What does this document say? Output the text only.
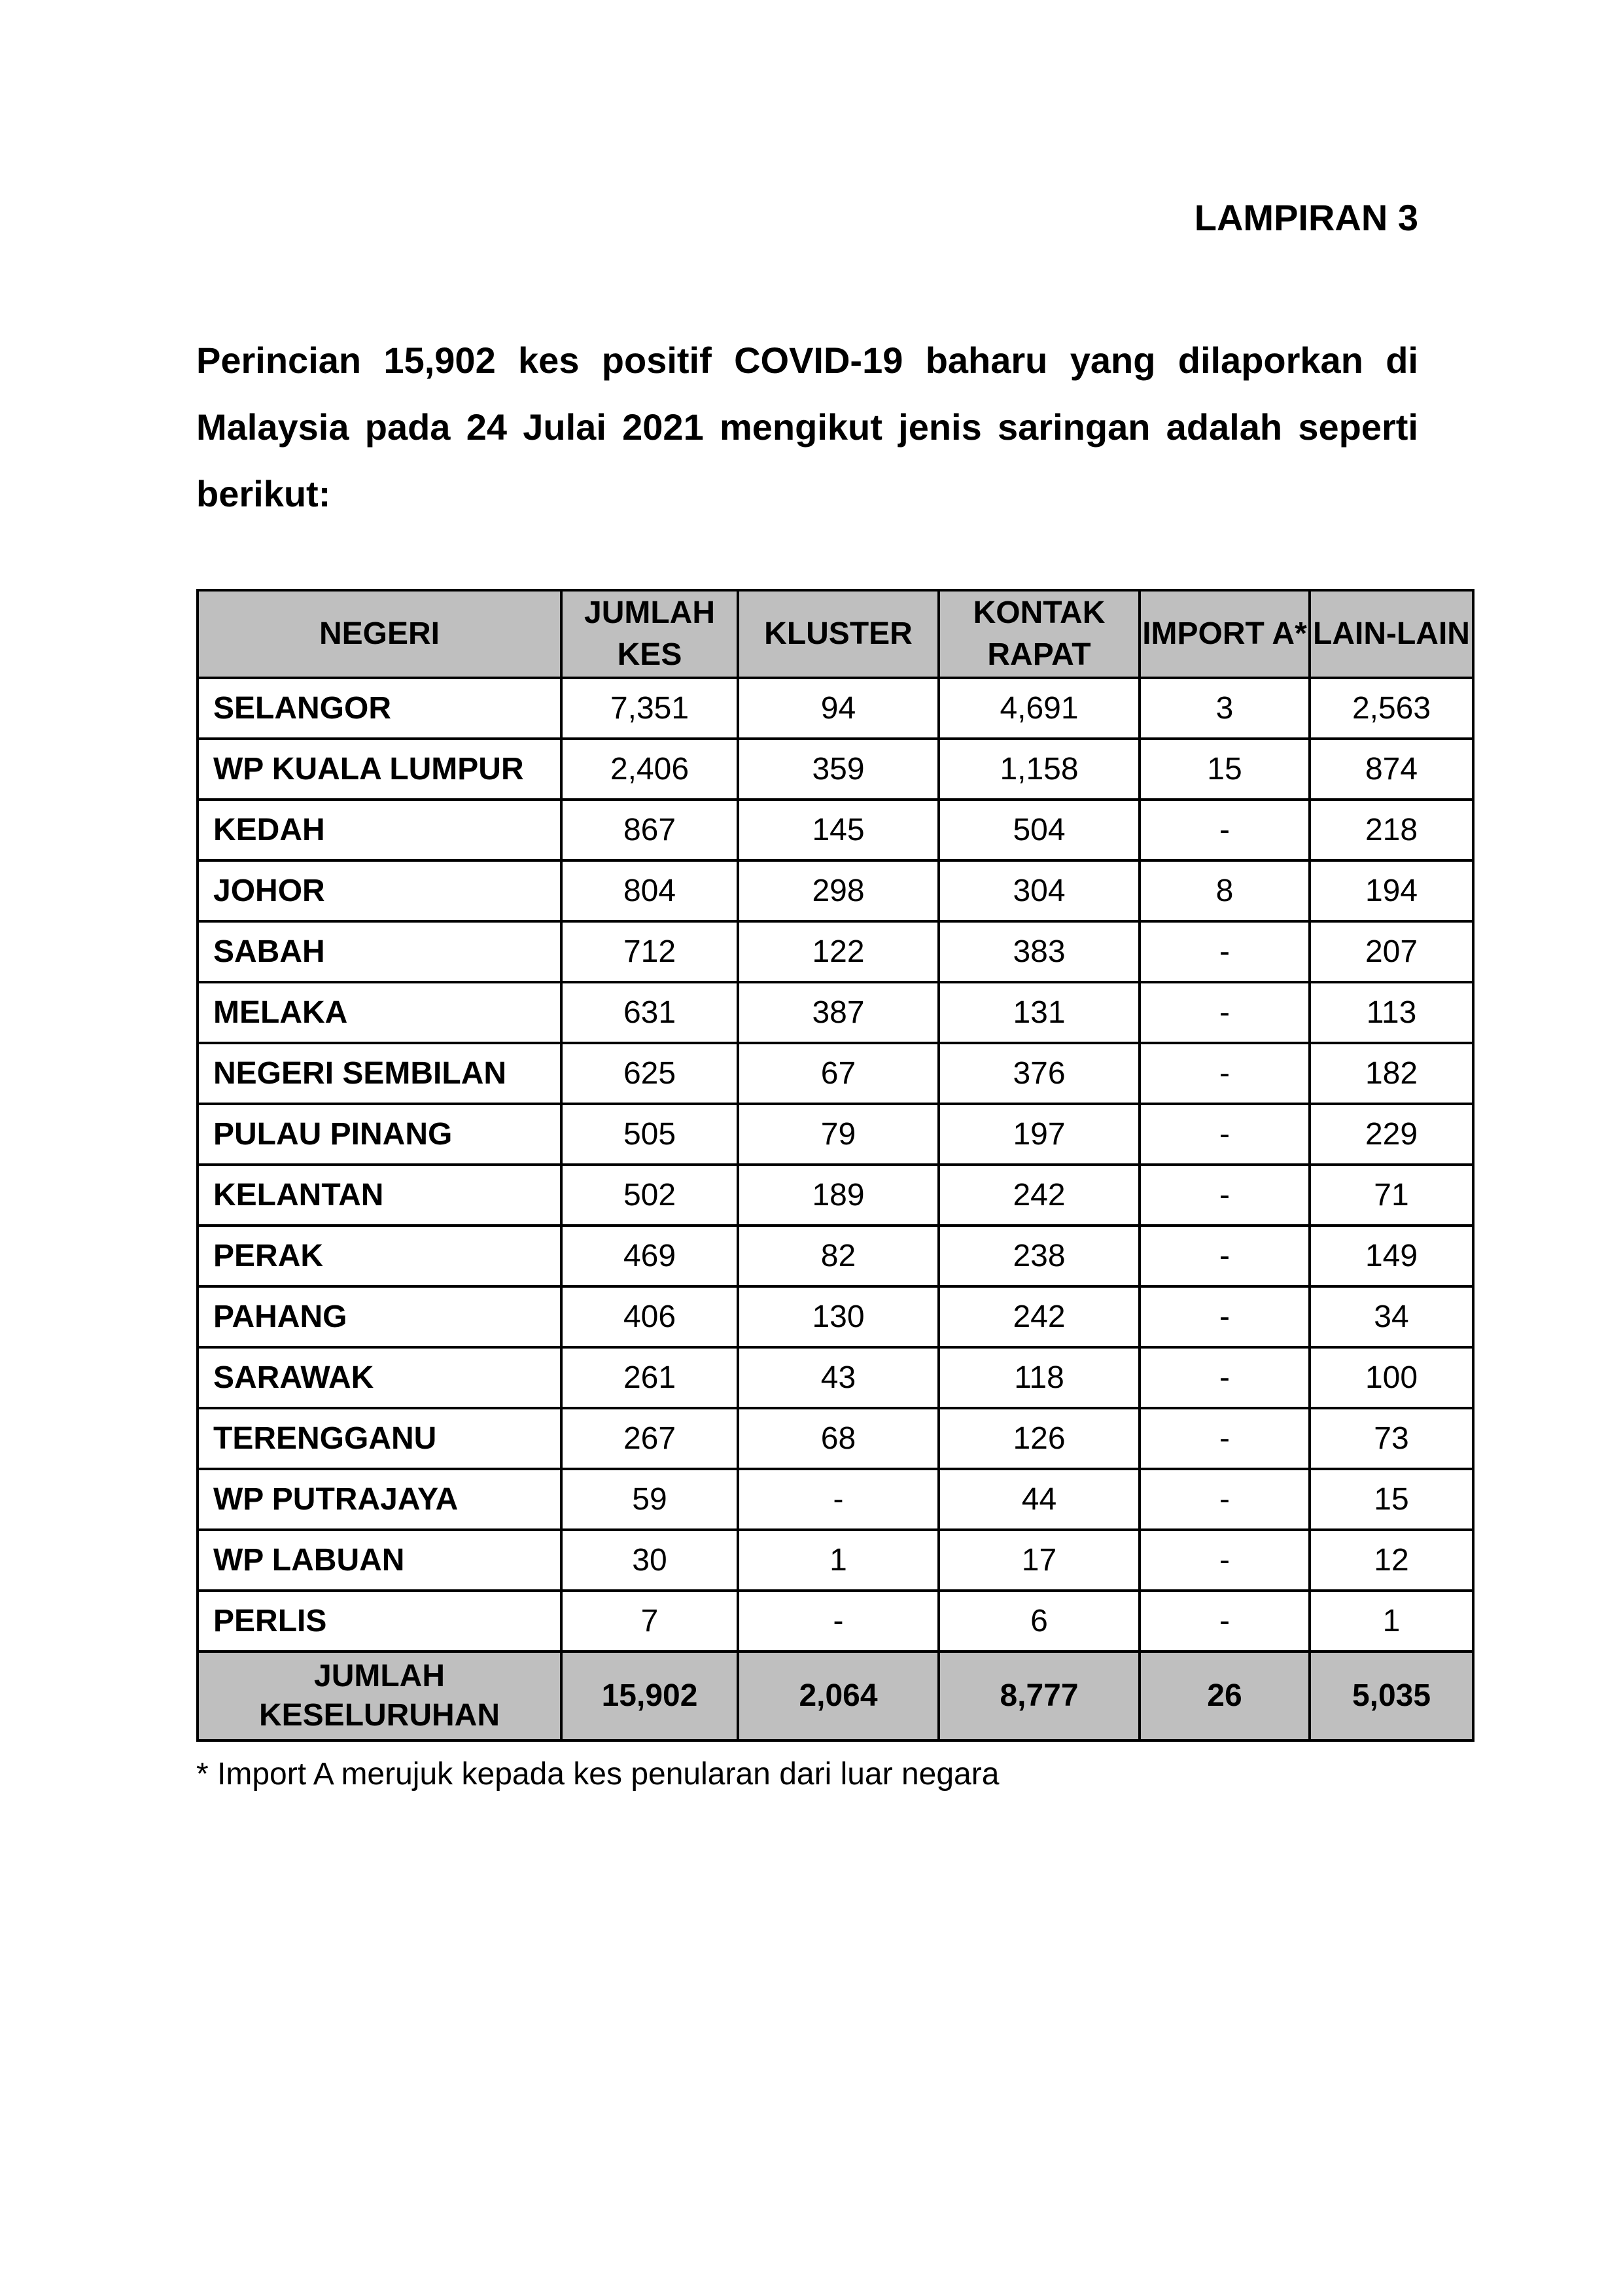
LAMPIRAN 3
Perincian 15,902 kes positif COVID-19 baharu yang dilaporkan di Malaysia pada 24 Julai 2021 mengikut jenis saringan adalah seperti berikut:
NEGERI	JUMLAH KES	KLUSTER	KONTAK RAPAT	IMPORT A*	LAIN-LAIN
SELANGOR	7,351	94	4,691	3	2,563
WP KUALA LUMPUR	2,406	359	1,158	15	874
KEDAH	867	145	504	-	218
JOHOR	804	298	304	8	194
SABAH	712	122	383	-	207
MELAKA	631	387	131	-	113
NEGERI SEMBILAN	625	67	376	-	182
PULAU PINANG	505	79	197	-	229
KELANTAN	502	189	242	-	71
PERAK	469	82	238	-	149
PAHANG	406	130	242	-	34
SARAWAK	261	43	118	-	100
TERENGGANU	267	68	126	-	73
WP PUTRAJAYA	59	-	44	-	15
WP LABUAN	30	1	17	-	12
PERLIS	7	-	6	-	1
JUMLAH KESELURUHAN	15,902	2,064	8,777	26	5,035
* Import A merujuk kepada kes penularan dari luar negara
